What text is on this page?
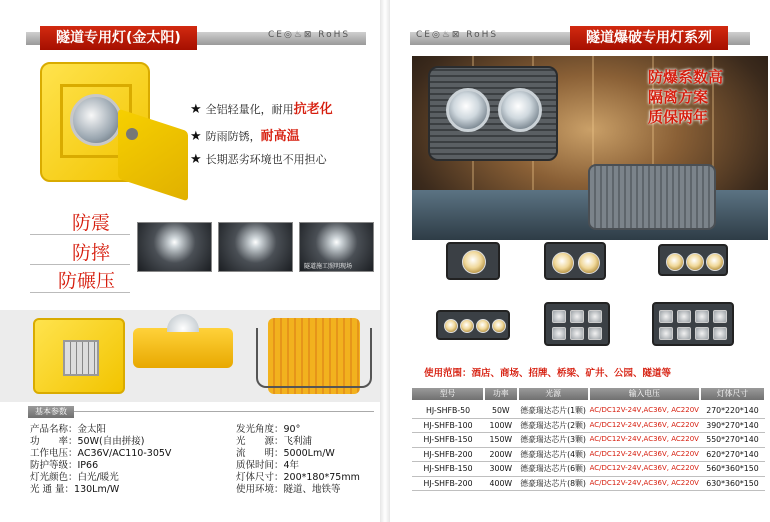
隧道专用灯(金太阳)	CE◎♨⊠ RoHS
★ 全铝轻量化，耐用抗老化
★ 防雨防锈，耐高温
★ 长期恶劣环境也不用担心
防震
防摔
防碾压
隧道施工照明现场
基本参数
产品名称：金太阳
功　　率：50W(自由拼接)
工作电压：AC36V/AC110-305V
防护等级：IP66
灯光颜色：白光/暖光
光 通 量：130Lm/W
发光角度：90°
光　　源：飞利浦
流　　明：5000Lm/W
质保时间：4年
灯体尺寸：200*180*75mm
使用环境：隧道、地铁等
CE◎♨⊠ RoHS	隧道爆破专用灯系列
防爆系数高
隔离方案
质保两年
使用范围：酒店、商场、招牌、桥梁、矿井、公园、隧道等
型号	功率	光源	输入电压	灯体尺寸

HJ-SHFB-50	50W	德豪瑞达芯片(1颗)	AC/DC12V-24V,AC36V, AC220V	270*220*140
HJ-SHFB-100	100W	德豪瑞达芯片(2颗)	AC/DC12V-24V,AC36V, AC220V	390*270*140
HJ-SHFB-150	150W	德豪瑞达芯片(3颗)	AC/DC12V-24V,AC36V, AC220V	550*270*140
HJ-SHFB-200	200W	德豪瑞达芯片(4颗)	AC/DC12V-24V,AC36V, AC220V	620*270*140
HJ-SHFB-150	300W	德豪瑞达芯片(6颗)	AC/DC12V-24V,AC36V, AC220V	560*360*150
HJ-SHFB-200	400W	德豪瑞达芯片(8颗)	AC/DC12V-24V,AC36V, AC220V	630*360*150
